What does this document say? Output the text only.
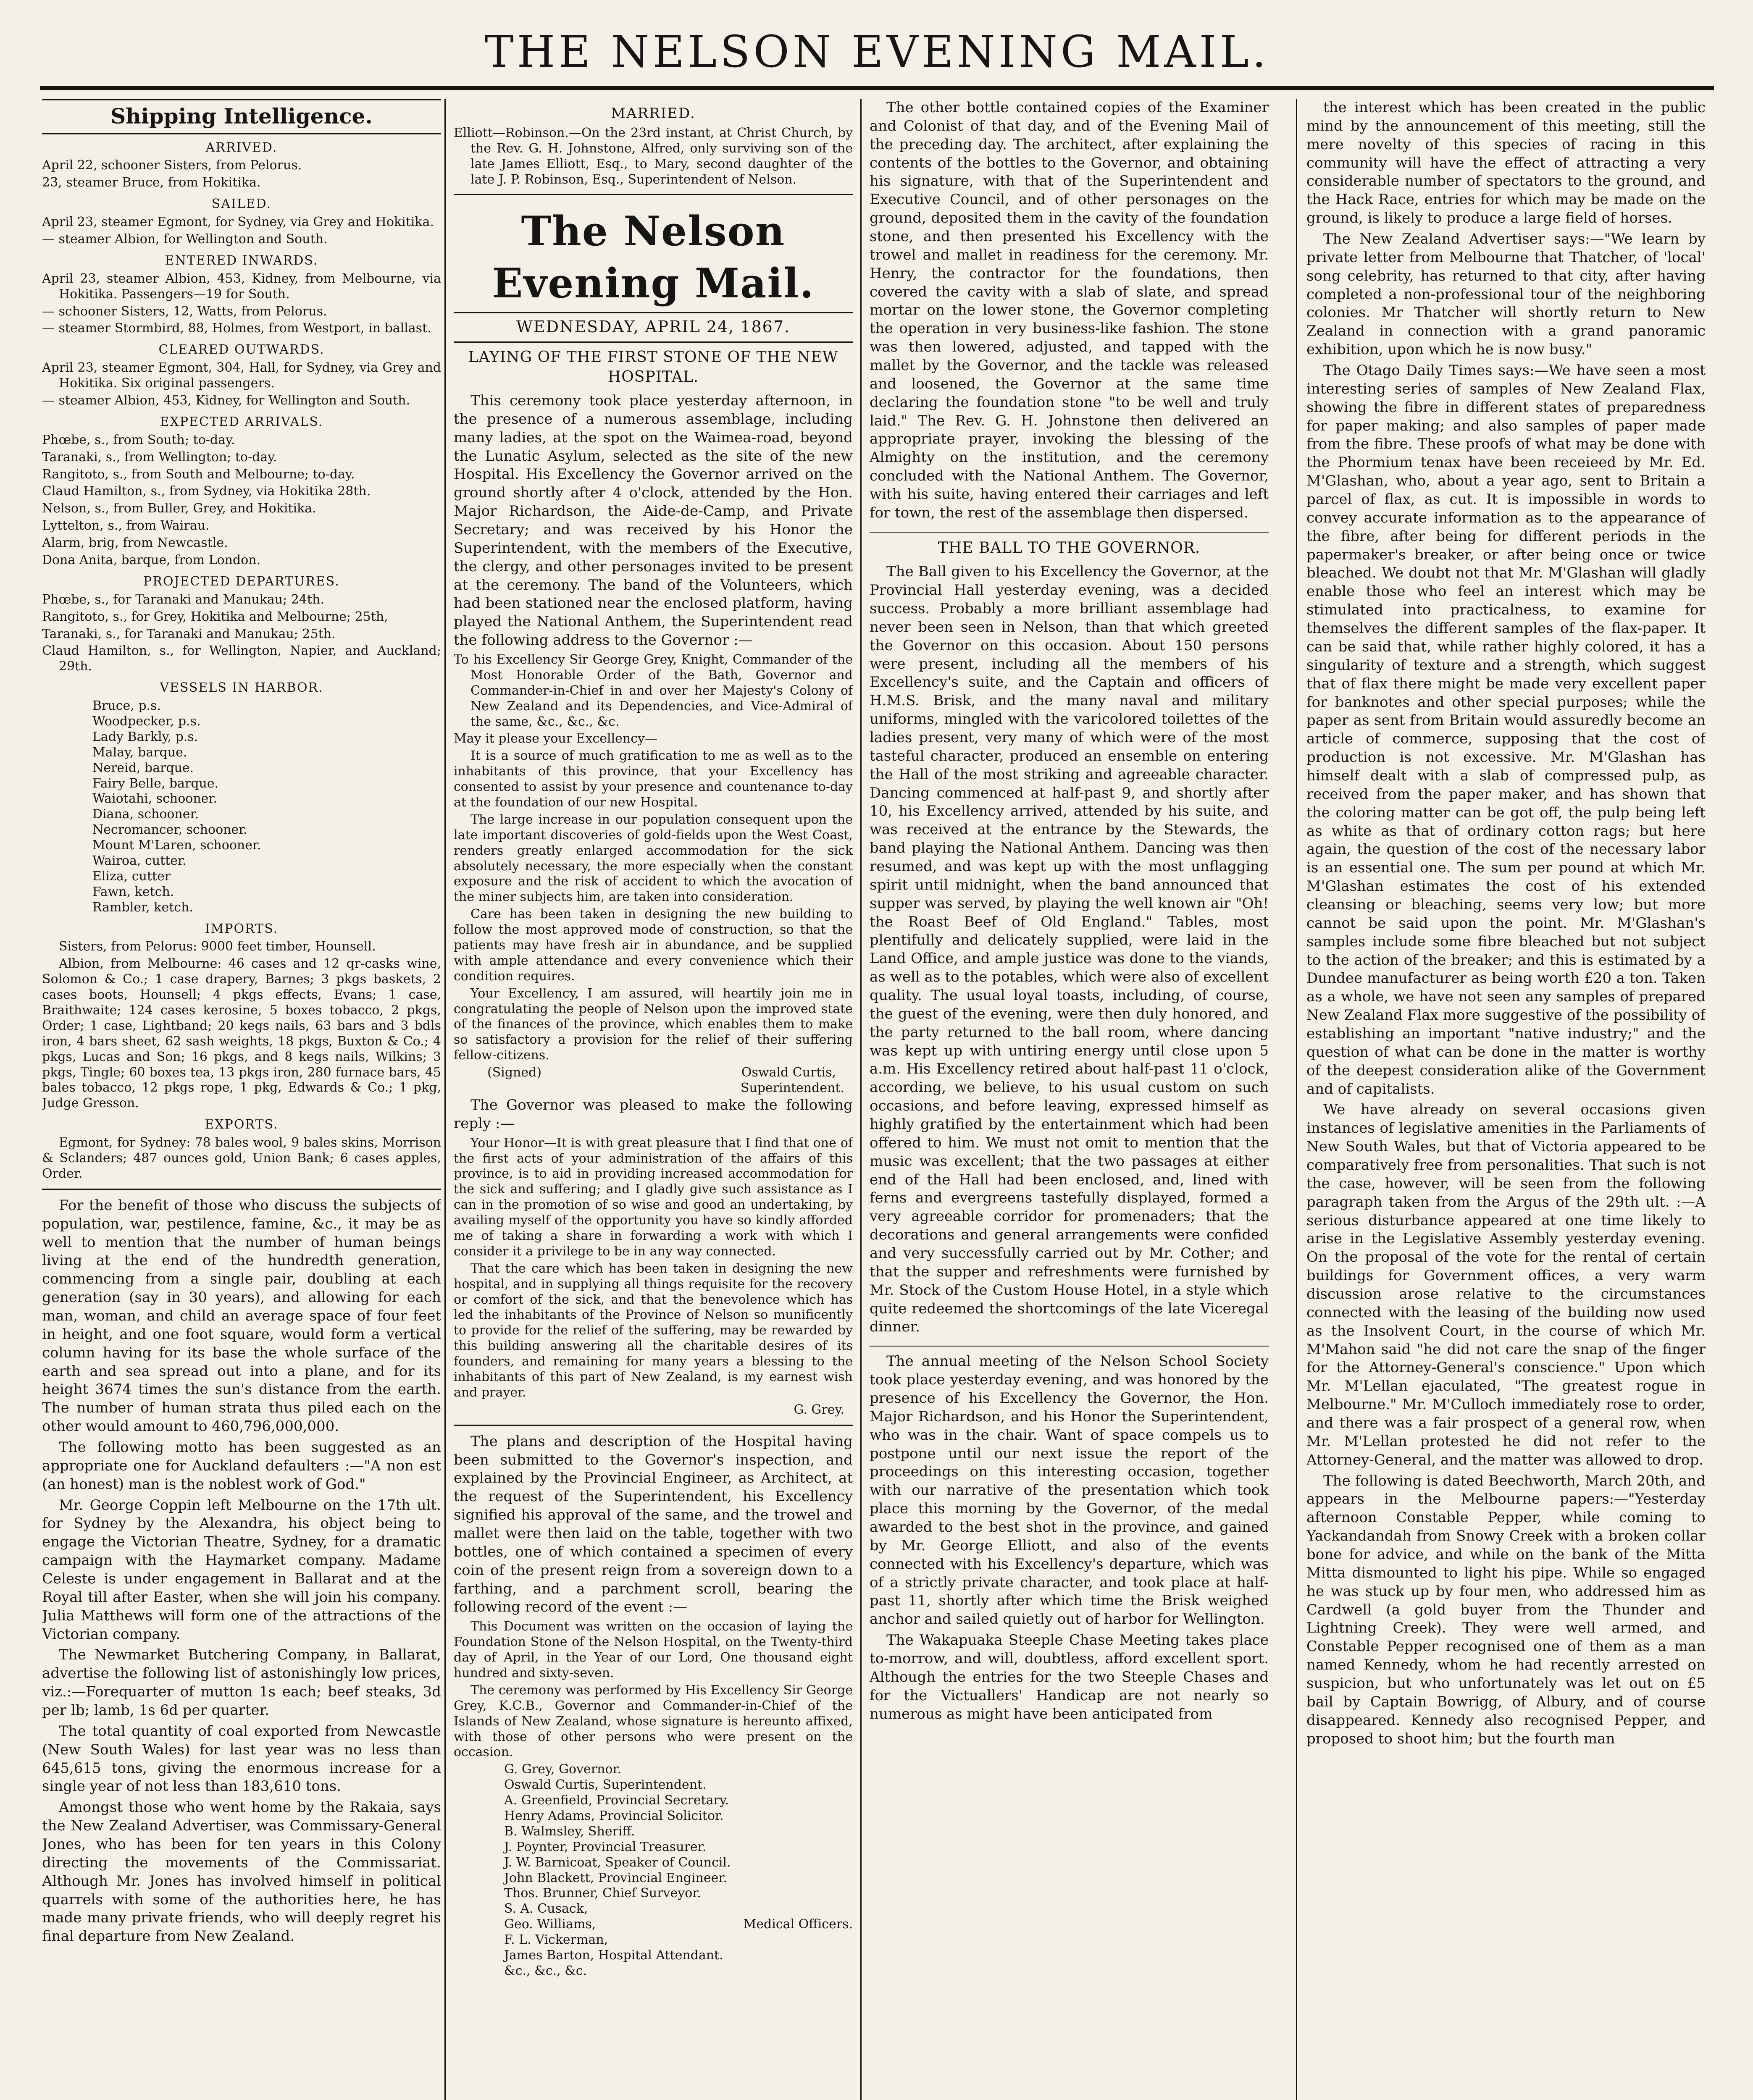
THE NELSON EVENING MAIL.
Shipping Intelligence.
ARRIVED.

April 22, schooner Sisters, from Pelorus.

23, steamer Bruce, from Hokitika.

SAILED.

April 23, steamer Egmont, for Sydney, via Grey and Hokitika.

— steamer Albion, for Wellington and South.

ENTERED INWARDS.

April 23, steamer Albion, 453, Kidney, from Melbourne, via Hokitika. Passengers—19 for South.

— schooner Sisters, 12, Watts, from Pelorus.

— steamer Stormbird, 88, Holmes, from Westport, in ballast.

CLEARED OUTWARDS.

April 23, steamer Egmont, 304, Hall, for Sydney, via Grey and Hokitika. Six original passengers.

— steamer Albion, 453, Kidney, for Wellington and South.

EXPECTED ARRIVALS.

Phœbe, s., from South; to-day.

Taranaki, s., from Wellington; to-day.

Rangitoto, s., from South and Melbourne; to-day.

Claud Hamilton, s., from Sydney, via Hokitika 28th.

Nelson, s., from Buller, Grey, and Hokitika.

Lyttelton, s., from Wairau.

Alarm, brig, from Newcastle.

Dona Anita, barque, from London.

PROJECTED DEPARTURES.

Phœbe, s., for Taranaki and Manukau; 24th.

Rangitoto, s., for Grey, Hokitika and Melbourne; 25th,

Taranaki, s., for Taranaki and Manukau; 25th.

Claud Hamilton, s., for Wellington, Napier, and Auckland; 29th.

VESSELS IN HARBOR.
Bruce, p.s.
Woodpecker, p.s.
Lady Barkly, p.s.
Malay, barque.
Nereid, barque.
Fairy Belle, barque.
Waiotahi, schooner.
Diana, schooner.
Necromancer, schooner.
Mount M'Laren, schooner.
Wairoa, cutter.
Eliza, cutter
Fawn, ketch.
Rambler, ketch.
IMPORTS.

Sisters, from Pelorus: 9000 feet timber, Hounsell.

Albion, from Melbourne: 46 cases and 12 qr-casks wine, Solomon & Co.; 1 case drapery, Barnes; 3 pkgs baskets, 2 cases boots, Hounsell; 4 pkgs effects, Evans; 1 case, Braithwaite; 124 cases kerosine, 5 boxes tobacco, 2 pkgs, Order; 1 case, Lightband; 20 kegs nails, 63 bars and 3 bdls iron, 4 bars sheet, 62 sash weights, 18 pkgs, Buxton & Co.; 4 pkgs, Lucas and Son; 16 pkgs, and 8 kegs nails, Wilkins; 3 pkgs, Tingle; 60 boxes tea, 13 pkgs iron, 280 furnace bars, 45 bales tobacco, 12 pkgs rope, 1 pkg, Edwards & Co.; 1 pkg, Judge Gresson.

EXPORTS.

Egmont, for Sydney: 78 bales wool, 9 bales skins, Morrison & Sclanders; 487 ounces gold, Union Bank; 6 cases apples, Order.

For the benefit of those who discuss the subjects of population, war, pestilence, famine, &c., it may be as well to mention that the number of human beings living at the end of the hundredth generation, commencing from a single pair, doubling at each generation (say in 30 years), and allowing for each man, woman, and child an average space of four feet in height, and one foot square, would form a vertical column having for its base the whole surface of the earth and sea spread out into a plane, and for its height 3674 times the sun's distance from the earth. The number of human strata thus piled each on the other would amount to 460,796,000,000.

The following motto has been suggested as an appropriate one for Auckland defaulters :—"A non est (an honest) man is the noblest work of God."

Mr. George Coppin left Melbourne on the 17th ult. for Sydney by the Alexandra, his object being to engage the Victorian Theatre, Sydney, for a dramatic campaign with the Haymarket company. Madame Celeste is under engagement in Ballarat and at the Royal till after Easter, when she will join his company. Julia Matthews will form one of the attractions of the Victorian company.

The Newmarket Butchering Company, in Ballarat, advertise the following list of astonishingly low prices, viz.:—Forequarter of mutton 1s each; beef steaks, 3d per lb; lamb, 1s 6d per quarter.

The total quantity of coal exported from Newcastle (New South Wales) for last year was no less than 645,615 tons, giving the enormous increase for a single year of not less than 183,610 tons.

Amongst those who went home by the Rakaia, says the New Zealand Advertiser, was Commissary-General Jones, who has been for ten years in this Colony directing the movements of the Commissariat. Although Mr. Jones has involved himself in political quarrels with some of the authorities here, he has made many private friends, who will deeply regret his final departure from New Zealand.

MARRIED.

Elliott—Robinson.—On the 23rd instant, at Christ Church, by the Rev. G. H. Johnstone, Alfred, only surviving son of the late James Elliott, Esq., to Mary, second daughter of the late J. P. Robinson, Esq., Superintendent of Nelson.

The Nelson Evening Mail.
WEDNESDAY, APRIL 24, 1867.
LAYING OF THE FIRST STONE OF THE NEW HOSPITAL.

This ceremony took place yesterday afternoon, in the presence of a numerous assemblage, including many ladies, at the spot on the Waimea-road, beyond the Lunatic Asylum, selected as the site of the new Hospital. His Excellency the Governor arrived on the ground shortly after 4 o'clock, attended by the Hon. Major Richardson, the Aide-de-Camp, and Private Secretary; and was received by his Honor the Superintendent, with the members of the Executive, the clergy, and other personages invited to be present at the ceremony. The band of the Volunteers, which had been stationed near the enclosed platform, having played the National Anthem, the Superintendent read the following address to the Governor :—

To his Excellency Sir George Grey, Knight, Commander of the Most Honorable Order of the Bath, Governor and Commander-in-Chief in and over her Majesty's Colony of New Zealand and its Dependencies, and Vice-Admiral of the same, &c., &c., &c.

May it please your Excellency—

It is a source of much gratification to me as well as to the inhabitants of this province, that your Excellency has consented to assist by your presence and countenance to-day at the foundation of our new Hospital.

The large increase in our population consequent upon the late important discoveries of gold-fields upon the West Coast, renders greatly enlarged accommodation for the sick absolutely necessary, the more especially when the constant exposure and the risk of accident to which the avocation of the miner subjects him, are taken into consideration.

Care has been taken in designing the new building to follow the most approved mode of construction, so that the patients may have fresh air in abundance, and be supplied with ample attendance and every convenience which their condition requires.

Your Excellency, I am assured, will heartily join me in congratulating the people of Nelson upon the improved state of the finances of the province, which enables them to make so satisfactory a provision for the relief of their suffering fellow-citizens.

(Signed)	Oswald Curtis,
Superintendent.

The Governor was pleased to make the following reply :—

Your Honor—It is with great pleasure that I find that one of the first acts of your administration of the affairs of this province, is to aid in providing increased accommodation for the sick and suffering; and I gladly give such assistance as I can in the promotion of so wise and good an undertaking, by availing myself of the opportunity you have so kindly afforded me of taking a share in forwarding a work with which I consider it a privilege to be in any way connected.

That the care which has been taken in designing the new hospital, and in supplying all things requisite for the recovery or comfort of the sick, and that the benevolence which has led the inhabitants of the Province of Nelson so munificently to provide for the relief of the suffering, may be rewarded by this building answering all the charitable desires of its founders, and remaining for many years a blessing to the inhabitants of this part of New Zealand, is my earnest wish and prayer.

G. Grey.

The plans and description of the Hospital having been submitted to the Governor's inspection, and explained by the Provincial Engineer, as Architect, at the request of the Superintendent, his Excellency signified his approval of the same, and the trowel and mallet were then laid on the table, together with two bottles, one of which contained a specimen of every coin of the present reign from a sovereign down to a farthing, and a parchment scroll, bearing the following record of the event :—

This Document was written on the occasion of laying the Foundation Stone of the Nelson Hospital, on the Twenty-third day of April, in the Year of our Lord, One thousand eight hundred and sixty-seven.

The ceremony was performed by His Excellency Sir George Grey, K.C.B., Governor and Commander-in-Chief of the Islands of New Zealand, whose signature is hereunto affixed, with those of other persons who were present on the occasion.

G. Grey, Governor.
Oswald Curtis, Superintendent.
A. Greenfield, Provincial Secretary.
Henry Adams, Provincial Solicitor.
B. Walmsley, Sheriff.
J. Poynter, Provincial Treasurer.
J. W. Barnicoat, Speaker of Council.
John Blackett, Provincial Engineer.
Thos. Brunner, Chief Surveyor.
S. A. Cusack,
Geo. Williams,
F. L. Vickerman,
Medical Officers.
James Barton, Hospital Attendant.
&c., &c., &c.

The other bottle contained copies of the Examiner and Colonist of that day, and of the Evening Mail of the preceding day. The architect, after explaining the contents of the bottles to the Governor, and obtaining his signature, with that of the Superintendent and Executive Council, and of other personages on the ground, deposited them in the cavity of the foundation stone, and then presented his Excellency with the trowel and mallet in readiness for the ceremony. Mr. Henry, the contractor for the foundations, then covered the cavity with a slab of slate, and spread mortar on the lower stone, the Governor completing the operation in very business-like fashion. The stone was then lowered, adjusted, and tapped with the mallet by the Governor, and the tackle was released and loosened, the Governor at the same time declaring the foundation stone "to be well and truly laid." The Rev. G. H. Johnstone then delivered an appropriate prayer, invoking the blessing of the Almighty on the institution, and the ceremony concluded with the National Anthem. The Governor, with his suite, having entered their carriages and left for town, the rest of the assemblage then dispersed.

THE BALL TO THE GOVERNOR.

The Ball given to his Excellency the Governor, at the Provincial Hall yesterday evening, was a decided success. Probably a more brilliant assemblage had never been seen in Nelson, than that which greeted the Governor on this occasion. About 150 persons were present, including all the members of his Excellency's suite, and the Captain and officers of H.M.S. Brisk, and the many naval and military uniforms, mingled with the varicolored toilettes of the ladies present, very many of which were of the most tasteful character, produced an ensemble on entering the Hall of the most striking and agreeable character. Dancing commenced at half-past 9, and shortly after 10, his Excellency arrived, attended by his suite, and was received at the entrance by the Stewards, the band playing the National Anthem. Dancing was then resumed, and was kept up with the most unflagging spirit until midnight, when the band announced that supper was served, by playing the well known air "Oh! the Roast Beef of Old England." Tables, most plentifully and delicately supplied, were laid in the Land Office, and ample justice was done to the viands, as well as to the potables, which were also of excellent quality. The usual loyal toasts, including, of course, the guest of the evening, were then duly honored, and the party returned to the ball room, where dancing was kept up with untiring energy until close upon 5 a.m. His Excellency retired about half-past 11 o'clock, according, we believe, to his usual custom on such occasions, and before leaving, expressed himself as highly gratified by the entertainment which had been offered to him. We must not omit to mention that the music was excellent; that the two passages at either end of the Hall had been enclosed, and, lined with ferns and evergreens tastefully displayed, formed a very agreeable corridor for promenaders; that the decorations and general arrangements were confided and very successfully carried out by Mr. Cother; and that the supper and refreshments were furnished by Mr. Stock of the Custom House Hotel, in a style which quite redeemed the shortcomings of the late Viceregal dinner.

The annual meeting of the Nelson School Society took place yesterday evening, and was honored by the presence of his Excellency the Governor, the Hon. Major Richardson, and his Honor the Superintendent, who was in the chair. Want of space compels us to postpone until our next issue the report of the proceedings on this interesting occasion, together with our narrative of the presentation which took place this morning by the Governor, of the medal awarded to the best shot in the province, and gained by Mr. George Elliott, and also of the events connected with his Excellency's departure, which was of a strictly private character, and took place at half-past 11, shortly after which time the Brisk weighed anchor and sailed quietly out of harbor for Wellington.

The Wakapuaka Steeple Chase Meeting takes place to-morrow, and will, doubtless, afford excellent sport. Although the entries for the two Steeple Chases and for the Victuallers' Handicap are not nearly so numerous as might have been anticipated from

the interest which has been created in the public mind by the announcement of this meeting, still the mere novelty of this species of racing in this community will have the effect of attracting a very considerable number of spectators to the ground, and the Hack Race, entries for which may be made on the ground, is likely to produce a large field of horses.

The New Zealand Advertiser says:—"We learn by private letter from Melbourne that Thatcher, of 'local' song celebrity, has returned to that city, after having completed a non-professional tour of the neighboring colonies. Mr Thatcher will shortly return to New Zealand in connection with a grand panoramic exhibition, upon which he is now busy."

The Otago Daily Times says:—We have seen a most interesting series of samples of New Zealand Flax, showing the fibre in different states of preparedness for paper making; and also samples of paper made from the fibre. These proofs of what may be done with the Phormium tenax have been receieed by Mr. Ed. M'Glashan, who, about a year ago, sent to Britain a parcel of flax, as cut. It is impossible in words to convey accurate information as to the appearance of the fibre, after being for different periods in the papermaker's breaker, or after being once or twice bleached. We doubt not that Mr. M'Glashan will gladly enable those who feel an interest which may be stimulated into practicalness, to examine for themselves the different samples of the flax-paper. It can be said that, while rather highly colored, it has a singularity of texture and a strength, which suggest that of flax there might be made very excellent paper for banknotes and other special purposes; while the paper as sent from Britain would assuredly become an article of commerce, supposing that the cost of production is not excessive. Mr. M'Glashan has himself dealt with a slab of compressed pulp, as received from the paper maker, and has shown that the coloring matter can be got off, the pulp being left as white as that of ordinary cotton rags; but here again, the question of the cost of the necessary labor is an essential one. The sum per pound at which Mr. M'Glashan estimates the cost of his extended cleansing or bleaching, seems very low; but more cannot be said upon the point. Mr. M'Glashan's samples include some fibre bleached but not subject to the action of the breaker; and this is estimated by a Dundee manufacturer as being worth £20 a ton. Taken as a whole, we have not seen any samples of prepared New Zealand Flax more suggestive of the possibility of establishing an important "native industry;" and the question of what can be done in the matter is worthy of the deepest consideration alike of the Government and of capitalists.

We have already on several occasions given instances of legislative amenities in the Parliaments of New South Wales, but that of Victoria appeared to be comparatively free from personalities. That such is not the case, however, will be seen from the following paragraph taken from the Argus of the 29th ult. :—A serious disturbance appeared at one time likely to arise in the Legislative Assembly yesterday evening. On the proposal of the vote for the rental of certain buildings for Government offices, a very warm discussion arose relative to the circumstances connected with the leasing of the building now used as the Insolvent Court, in the course of which Mr. M'Mahon said "he did not care the snap of the finger for the Attorney-General's conscience." Upon which Mr. M'Lellan ejaculated, "The greatest rogue in Melbourne." Mr. M'Culloch immediately rose to order, and there was a fair prospect of a general row, when Mr. M'Lellan protested he did not refer to the Attorney-General, and the matter was allowed to drop.

The following is dated Beechworth, March 20th, and appears in the Melbourne papers:—"Yesterday afternoon Constable Pepper, while coming to Yackandandah from Snowy Creek with a broken collar bone for advice, and while on the bank of the Mitta Mitta dismounted to light his pipe. While so engaged he was stuck up by four men, who addressed him as Cardwell (a gold buyer from the Thunder and Lightning Creek). They were well armed, and Constable Pepper recognised one of them as a man named Kennedy, whom he had recently arrested on suspicion, but who unfortunately was let out on £5 bail by Captain Bowrigg, of Albury, and of course disappeared. Kennedy also recognised Pepper, and proposed to shoot him; but the fourth man
